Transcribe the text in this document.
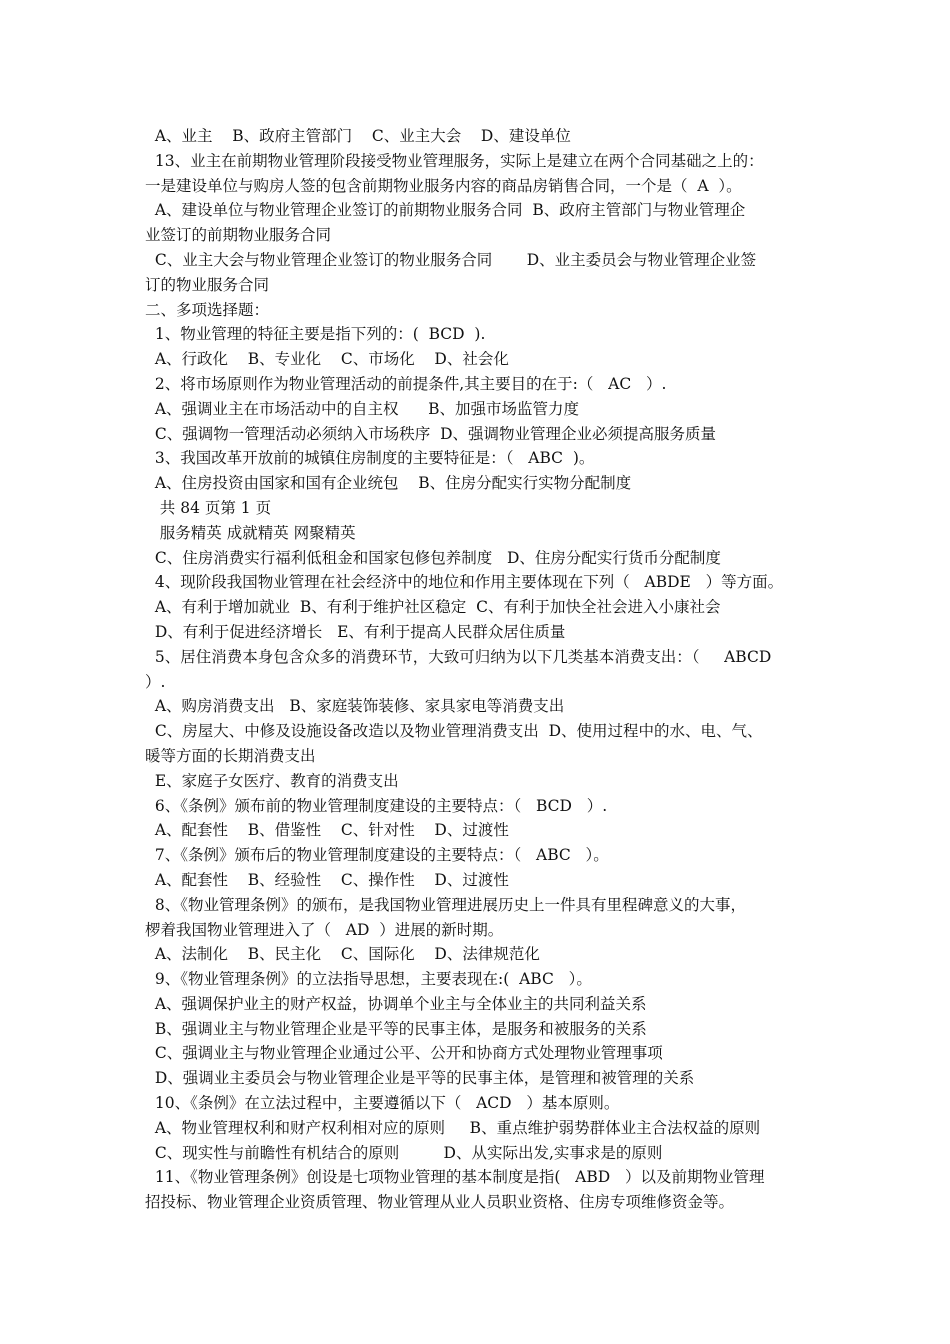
A、业主    B、政府主管部门    C、业主大会    D、建设单位
13、业主在前期物业管理阶段接受物业管理服务，实际上是建立在两个合同基础之上的：
一是建设单位与购房人签的包含前期物业服务内容的商品房销售合同，一个是（  A  ）。
A、建设单位与物业管理企业签订的前期物业服务合同  B、政府主管部门与物业管理企
业签订的前期物业服务合同
C、业主大会与物业管理企业签订的物业服务合同       D、业主委员会与物业管理企业签
订的物业服务合同
二、多项选择题：
1、物业管理的特征主要是指下列的：(  BCD  ).
A、行政化    B、专业化    C、市场化    D、社会化
2、将市场原则作为物业管理活动的前提条件,其主要目的在于:（   AC   ）.
A、强调业主在市场活动中的自主权      B、加强市场监管力度
C、强调物一管理活动必须纳入市场秩序  D、强调物业管理企业必须提高服务质量
3、我国改革开放前的城镇住房制度的主要特征是：（   ABC  )。
A、住房投资由国家和国有企业统包    B、住房分配实行实物分配制度
共 84 页第 1 页
服务精英 成就精英 网聚精英
C、住房消费实行福利低租金和国家包修包养制度   D、住房分配实行货币分配制度
4、现阶段我国物业管理在社会经济中的地位和作用主要体现在下列（   ABDE   ）等方面。
A、有利于增加就业  B、有利于维护社区稳定  C、有利于加快全社会进入小康社会
D、有利于促进经济增长   E、有利于提高人民群众居住质量
5、居住消费本身包含众多的消费环节，大致可归纳为以下几类基本消费支出：（     ABCD
）.
A、购房消费支出   B、家庭装饰装修、家具家电等消费支出
C、房屋大、中修及设施设备改造以及物业管理消费支出  D、使用过程中的水、电、气、
暖等方面的长期消费支出
E、家庭子女医疗、教育的消费支出
6、《条例》颁布前的物业管理制度建设的主要特点：（   BCD   ）.
A、配套性    B、借鉴性    C、针对性    D、过渡性
7、《条例》颁布后的物业管理制度建设的主要特点：（   ABC   ）。
A、配套性    B、经验性    C、操作性    D、过渡性
8、《物业管理条例》的颁布，是我国物业管理进展历史上一件具有里程碑意义的大事，
椤着我国物业管理进入了（   AD  ）进展的新时期。
A、法制化    B、民主化    C、国际化    D、法律规范化
9、《物业管理条例》的立法指导思想，主要表现在:(  ABC   ）。
A、强调保护业主的财产权益，协调单个业主与全体业主的共同利益关系
B、强调业主与物业管理企业是平等的民事主体，是服务和被服务的关系
C、强调业主与物业管理企业通过公平、公开和协商方式处理物业管理事项
D、强调业主委员会与物业管理企业是平等的民事主体，是管理和被管理的关系
10、《条例》在立法过程中，主要遵循以下（   ACD   ）基本原则。
A、物业管理权利和财产权利相对应的原则     B、重点维护弱势群体业主合法权益的原则
C、现实性与前瞻性有机结合的原则         D、从实际出发,实事求是的原则
11、《物业管理条例》创设是七项物业管理的基本制度是指(   ABD   ）以及前期物业管理
招投标、物业管理企业资质管理、物业管理从业人员职业资格、住房专项维修资金等。
